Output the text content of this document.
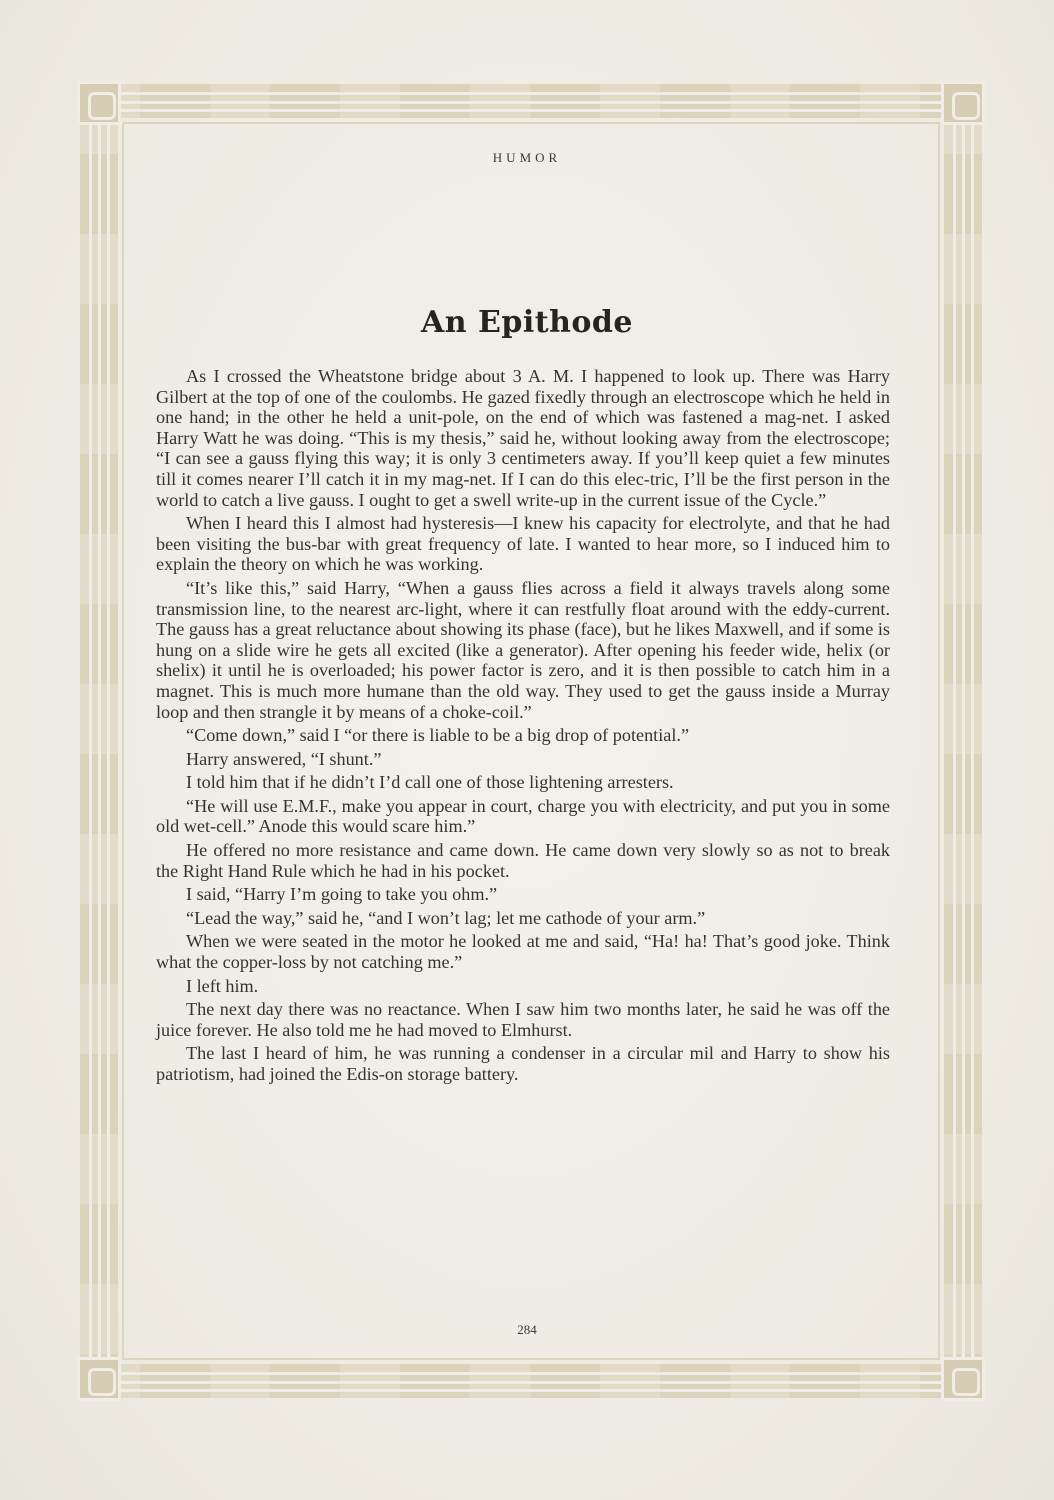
HUMOR
An Epithode

As I crossed the Wheatstone bridge about 3 A. M. I happened to look up. There was Harry Gilbert at the top of one of the coulombs. He gazed fixedly through an electroscope which he held in one hand; in the other he held a unit-pole, on the end of which was fastened a mag-net. I asked Harry Watt he was doing. “This is my thesis,” said he, without looking away from the electroscope; “I can see a gauss flying this way; it is only 3 centimeters away. If you’ll keep quiet a few minutes till it comes nearer I’ll catch it in my mag-net. If I can do this elec-tric, I’ll be the first person in the world to catch a live gauss. I ought to get a swell write-up in the current issue of the Cycle.”

When I heard this I almost had hysteresis—I knew his capacity for electrolyte, and that he had been visiting the bus-bar with great frequency of late. I wanted to hear more, so I induced him to explain the theory on which he was working.

“It’s like this,” said Harry, “When a gauss flies across a field it always travels along some transmission line, to the nearest arc-light, where it can restfully float around with the eddy-current. The gauss has a great reluctance about showing its phase (face), but he likes Maxwell, and if some is hung on a slide wire he gets all excited (like a generator). After opening his feeder wide, helix (or shelix) it until he is overloaded; his power factor is zero, and it is then possible to catch him in a magnet. This is much more humane than the old way. They used to get the gauss inside a Murray loop and then strangle it by means of a choke-coil.”

“Come down,” said I “or there is liable to be a big drop of potential.”

Harry answered, “I shunt.”

I told him that if he didn’t I’d call one of those lightening arresters.

“He will use E.M.F., make you appear in court, charge you with electricity, and put you in some old wet-cell.” Anode this would scare him.”

He offered no more resistance and came down. He came down very slowly so as not to break the Right Hand Rule which he had in his pocket.

I said, “Harry I’m going to take you ohm.”

“Lead the way,” said he, “and I won’t lag; let me cathode of your arm.”

When we were seated in the motor he looked at me and said, “Ha! ha! That’s good joke. Think what the copper-loss by not catching me.”

I left him.

The next day there was no reactance. When I saw him two months later, he said he was off the juice forever. He also told me he had moved to Elmhurst.

The last I heard of him, he was running a condenser in a circular mil and Harry to show his patriotism, had joined the Edis-on storage battery.

284
